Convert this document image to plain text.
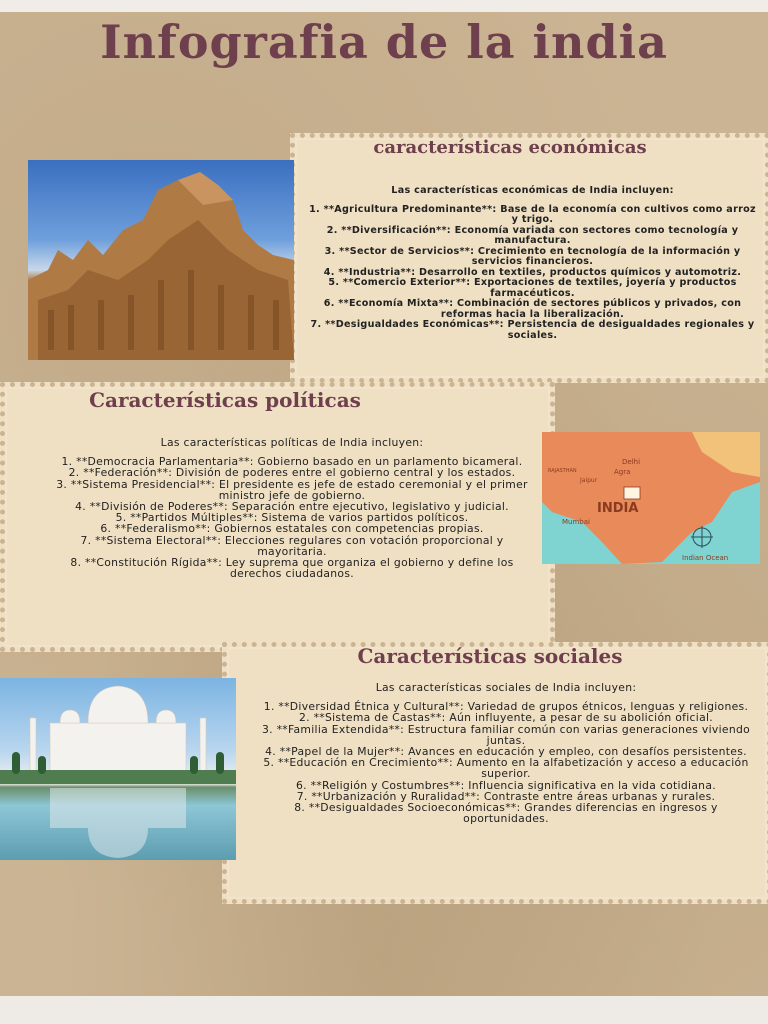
Infografia de la india
características económicas

Las características económicas de India incluyen:

1. **Agricultura Predominante**: Base de la economía con cultivos como arroz y trigo.
2. **Diversificación**: Economía variada con sectores como tecnología y manufactura.
3. **Sector de Servicios**: Crecimiento en tecnología de la información y servicios financieros.
4. **Industria**: Desarrollo en textiles, productos químicos y automotriz.
5. **Comercio Exterior**: Exportaciones de textiles, joyería y productos farmacéuticos.
6. **Economía Mixta**: Combinación de sectores públicos y privados, con reformas hacia la liberalización.
7. **Desigualdades Económicas**: Persistencia de desigualdades regionales y sociales.
Características políticas

Las características políticas de India incluyen:

1. **Democracia Parlamentaria**: Gobierno basado en un parlamento bicameral.
2. **Federación**: División de poderes entre el gobierno central y los estados.
3. **Sistema Presidencial**: El presidente es jefe de estado ceremonial y el primer ministro jefe de gobierno.
4. **División de Poderes**: Separación entre ejecutivo, legislativo y judicial.
5. **Partidos Múltiples**: Sistema de varios partidos políticos.
6. **Federalismo**: Gobiernos estatales con competencias propias.
7. **Sistema Electoral**: Elecciones regulares con votación proporcional y mayoritaria.
8. **Constitución Rígida**: Ley suprema que organiza el gobierno y define los derechos ciudadanos.
Delhi
Agra
RAJASTHAN
Jaipur
Mumbai
INDIA
Indian Ocean
Características sociales

Las características sociales de India incluyen:

1. **Diversidad Étnica y Cultural**: Variedad de grupos étnicos, lenguas y religiones.
2. **Sistema de Castas**: Aún influyente, a pesar de su abolición oficial.
3. **Familia Extendida**: Estructura familiar común con varias generaciones viviendo juntas.
4. **Papel de la Mujer**: Avances en educación y empleo, con desafíos persistentes.
5. **Educación en Crecimiento**: Aumento en la alfabetización y acceso a educación superior.
6. **Religión y Costumbres**: Influencia significativa en la vida cotidiana.
7. **Urbanización y Ruralidad**: Contraste entre áreas urbanas y rurales.
8. **Desigualdades Socioeconómicas**: Grandes diferencias en ingresos y oportunidades.
